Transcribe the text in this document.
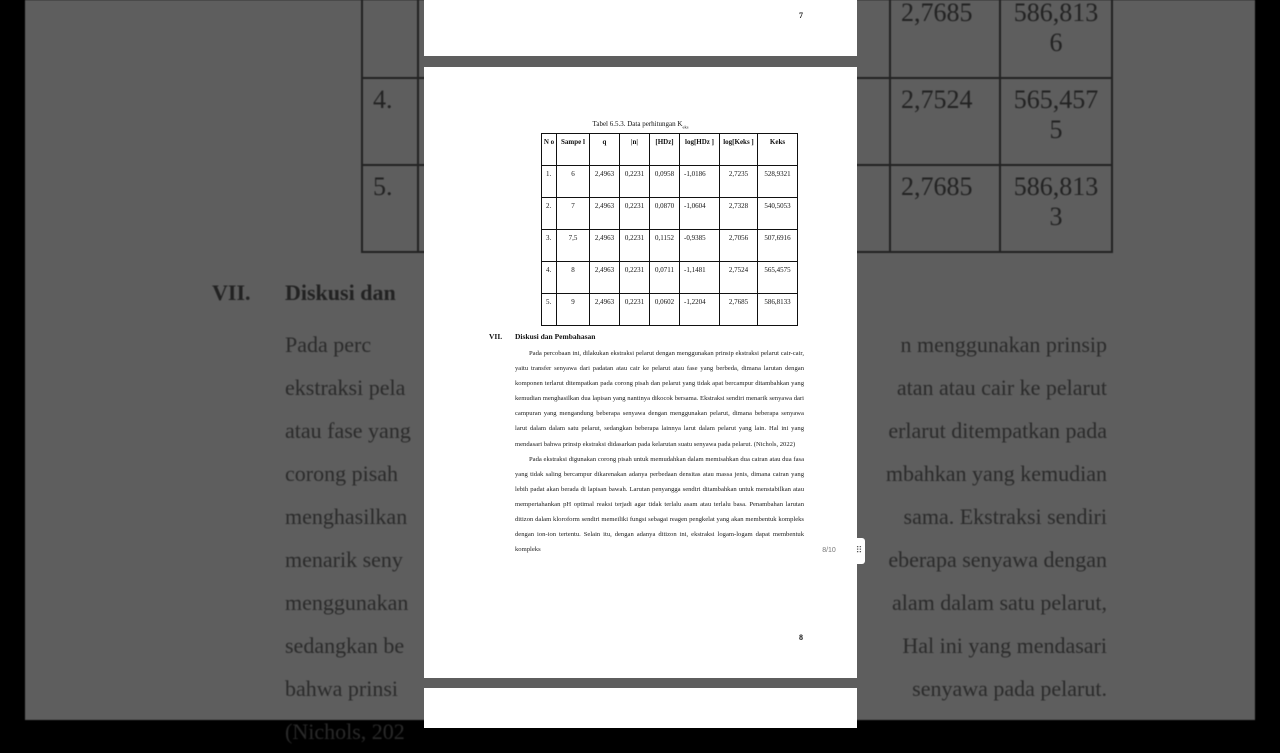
		2,7685	586,813
6
4.		2,7524	565,457
5
5.		2,7685	586,813
3
VII. Diskusi dan
Pada perc	n menggunakan prinsip
ekstraksi pela	atan atau cair ke pelarut
atau fase yang	erlarut ditempatkan pada
corong pisah	mbahkan yang kemudian
menghasilkan	sama. Ekstraksi sendiri
menarik seny	eberapa senyawa dengan
menggunakan	alam dalam satu pelarut,
sedangkan be	Hal ini yang mendasari
bahwa prinsi	senyawa pada pelarut.
(Nichols, 202
7
Tabel 6.5.3. Data perhitungan $K_{eks}$
N o	Sampe l	q	|n|	[HDz]	log[HDz ]	log[Keks ]	Keks
1.	6	2,4963	0,2231	0,0958	-1,0186	2,7235	528,9321
2.	7	2,4963	0,2231	0,0870	-1,0604	2,7328	540,5053
3.	7,5	2,4963	0,2231	0,1152	-0,9385	2,7056	507,6916
4.	8	2,4963	0,2231	0,0711	-1,1481	2,7524	565,4575
5.	9	2,4963	0,2231	0,0602	-1,2204	2,7685	586,8133
VII. Diskusi dan Pembahasan

Pada percobaan ini, dilakukan ekstraksi pelarut dengan menggunakan prinsip ekstraksi pelarut cair-cair, yaitu transfer senyawa dari padatan atau cair ke pelarut atau fase yang berbeda, dimana larutan dengan komponen terlarut ditempatkan pada corong pisah dan pelarut yang tidak apat bercampur ditambahkan yang kemudian menghasilkan dua lapisan yang nantinya dikocok bersama. Ekstraksi sendiri menarik senyawa dari campuran yang mengandung beberapa senyawa dengan menggunakan pelarut, dimana beberapa senyawa larut dalam dalam satu pelarut, sedangkan beberapa lainnya larut dalam pelarut yang lain. Hal ini yang mendasari bahwa prinsip ekstraksi didasarkan pada kelarutan suatu senyawa pada pelarut. (Nichols, 2022)

Pada ekstraksi digunakan corong pisah untuk memudahkan dalam memisahkan dua cairan atau dua fasa yang tidak saling bercampur dikarenakan adanya perbedaan densitas atau massa jenis, dimana cairan yang lebih padat akan berada di lapisan bawah. Larutan penyangga sendiri ditambahkan untuk menstabilkan atau mempertahankan pH optimal reaksi terjadi agar tidak terlalu asam atau terlalu basa. Penambahan larutan ditizon dalam kloroform sendiri memeiliki fungsi sebagai reagen pengkelat yang akan membentuk kompleks dengan ion-ion tertentu. Selain itu, dengan adanya ditizon ini, ekstraksi logam-logam dapat membentuk kompleks

8
8/10	⠿
